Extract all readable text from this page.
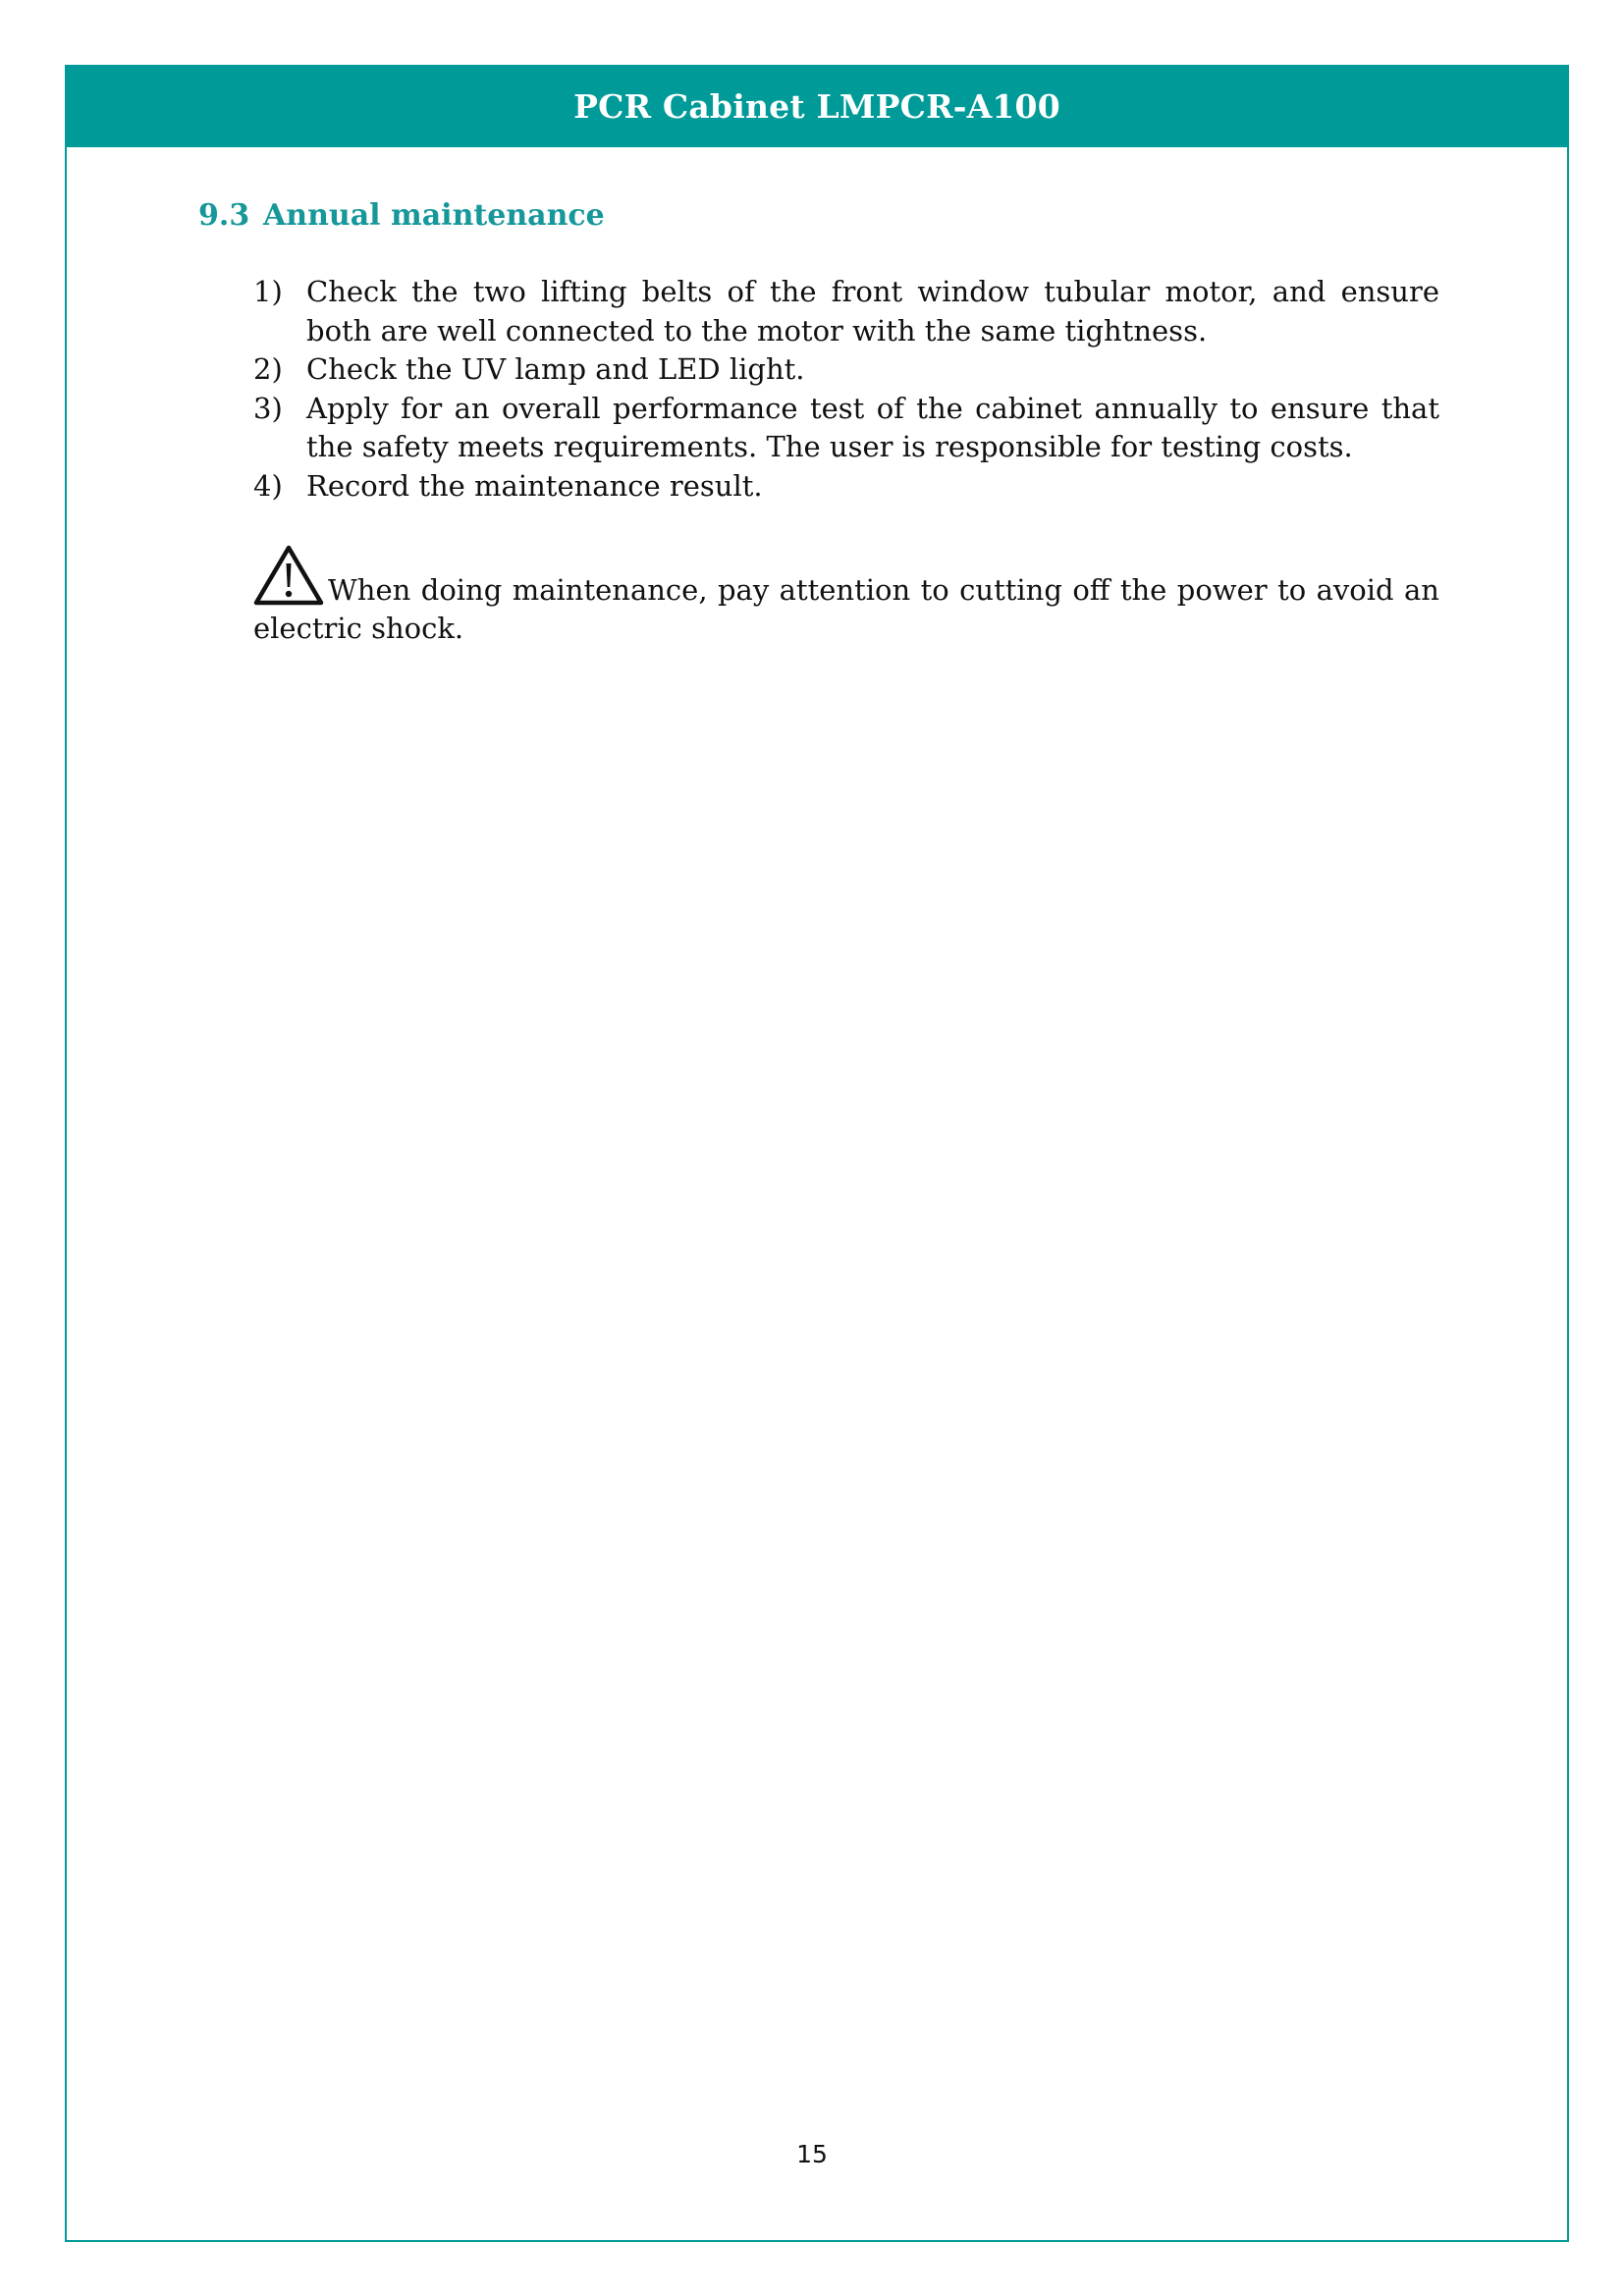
PCR Cabinet LMPCR-A100
9.3 Annual maintenance
1) Check the two lifting belts of the front window tubular motor, and ensure both are well connected to the motor with the same tightness.
2) Check the UV lamp and LED light.
3) Apply for an overall performance test of the cabinet annually to ensure that the safety meets requirements. The user is responsible for testing costs.
4) Record the maintenance result.
When doing maintenance, pay attention to cutting off the power to avoid an electric shock.
15
